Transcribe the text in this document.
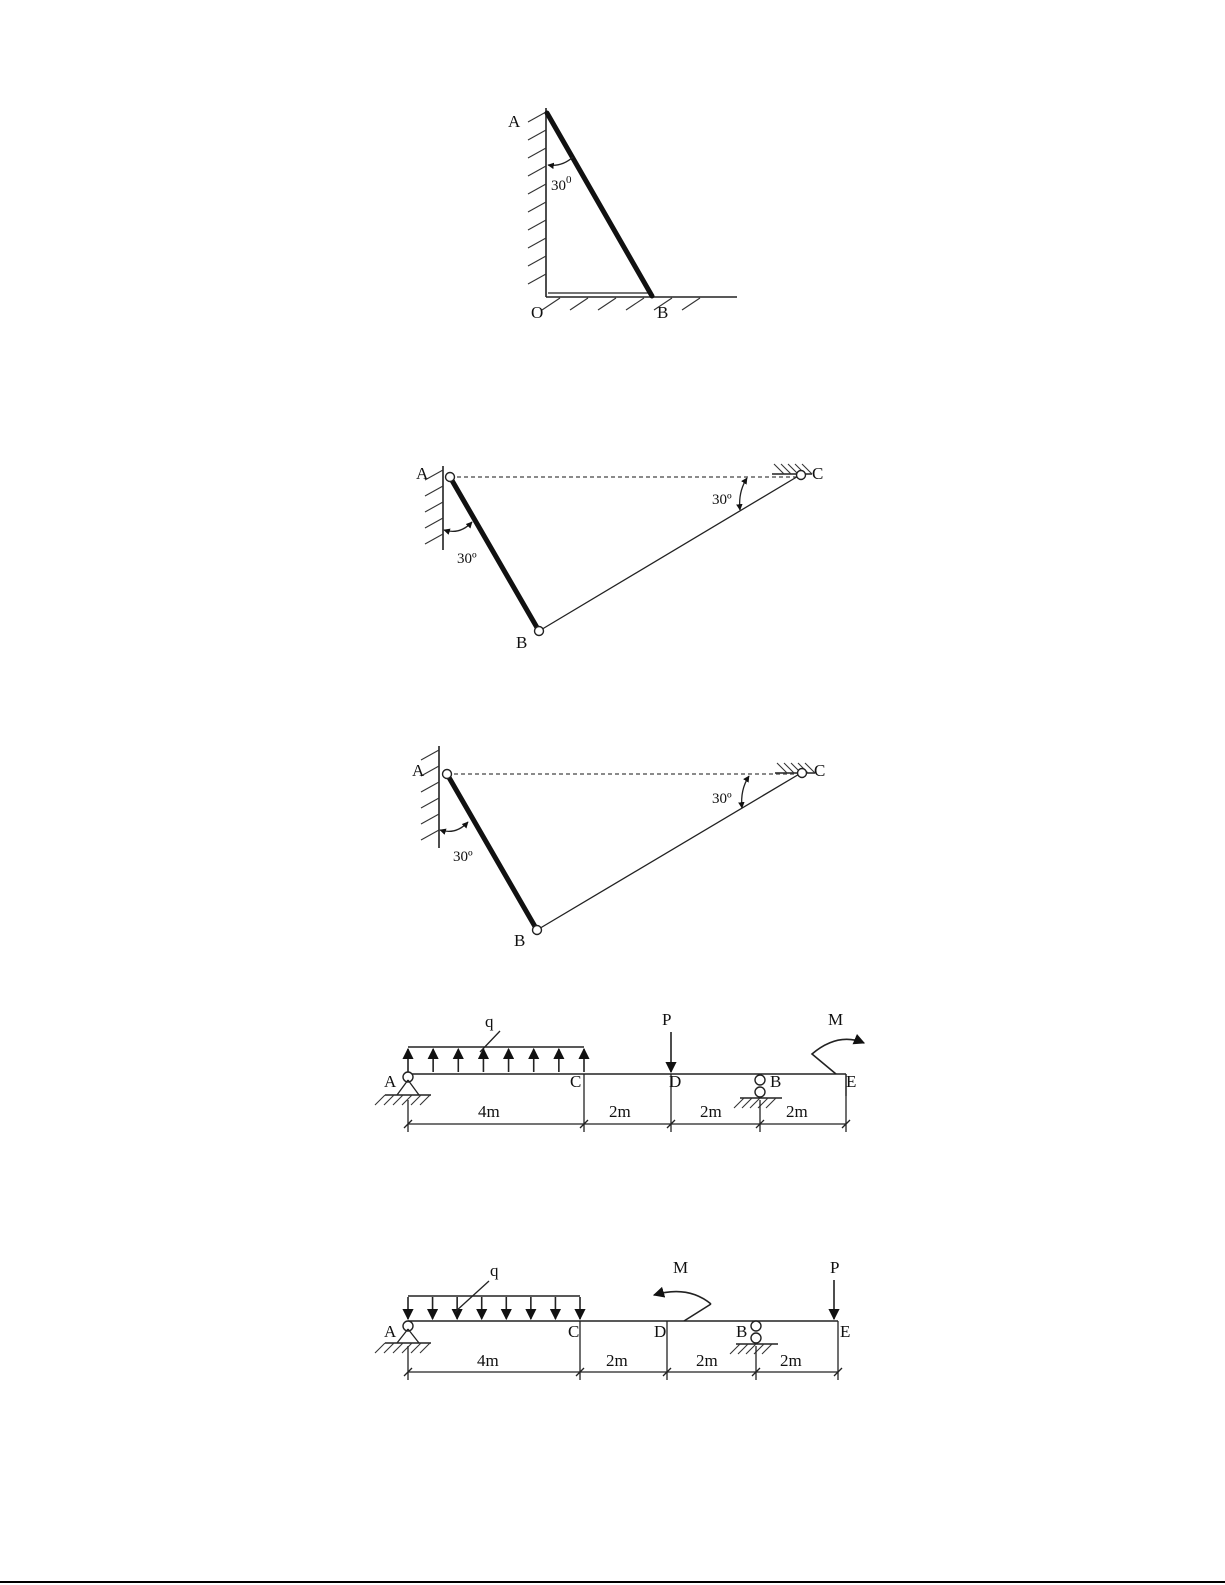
$30^0$
A
O	B
30º
30º
A
B
C
30º
30º
A
B
C
q	P	M
A	C	D	B	E
4m	2m	2m	2m
q	P
M
A	C	D	B	E
4m	2m	2m	2m
